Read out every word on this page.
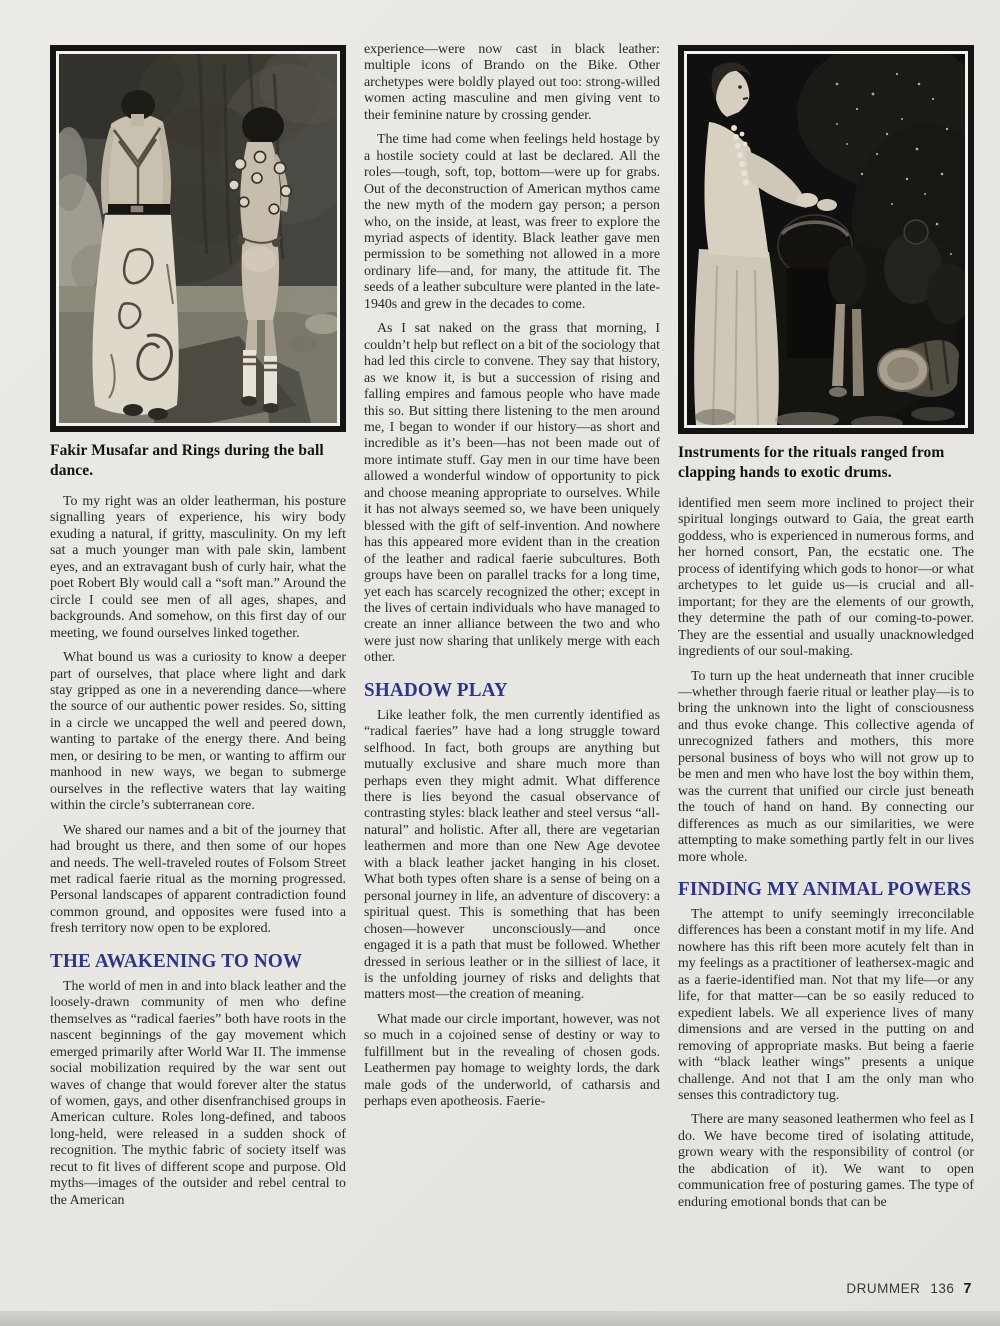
Fakir Musafar and Rings during the ball dance.

To my right was an older leatherman, his posture signalling years of experience, his wiry body exuding a natural, if gritty, masculinity. On my left sat a much younger man with pale skin, lambent eyes, and an extravagant bush of curly hair, what the poet Robert Bly would call a “soft man.” Around the circle I could see men of all ages, shapes, and backgrounds. And somehow, on this first day of our meeting, we found ourselves linked together.

What bound us was a curiosity to know a deeper part of ourselves, that place where light and dark stay gripped as one in a neverending dance—where the source of our authentic power resides. So, sitting in a circle we uncapped the well and peered down, wanting to partake of the energy there. And being men, or desiring to be men, or wanting to affirm our manhood in new ways, we began to submerge ourselves in the reflective waters that lay waiting within the circle’s subterranean core.

We shared our names and a bit of the journey that had brought us there, and then some of our hopes and needs. The well-traveled routes of Folsom Street met radical faerie ritual as the morning progressed. Personal landscapes of apparent contradiction found common ground, and opposites were fused into a fresh territory now open to be explored.

THE AWAKENING TO NOW

The world of men in and into black leather and the loosely-drawn community of men who define themselves as “radical faeries” both have roots in the nascent beginnings of the gay movement which emerged primarily after World War II. The immense social mobilization required by the war sent out waves of change that would forever alter the status of women, gays, and other disenfranchised groups in American culture. Roles long-defined, and taboos long-held, were released in a sudden shock of recognition. The mythic fabric of society itself was recut to fit lives of different scope and purpose. Old myths—images of the outsider and rebel central to the American

experience—were now cast in black leather: multiple icons of Brando on the Bike. Other archetypes were boldly played out too: strong-willed women acting masculine and men giving vent to their feminine nature by crossing gender.

The time had come when feelings held hostage by a hostile society could at last be declared. All the roles—tough, soft, top, bottom—were up for grabs. Out of the deconstruction of American mythos came the new myth of the modern gay person; a person who, on the inside, at least, was freer to explore the myriad aspects of identity. Black leather gave men permission to be something not allowed in a more ordinary life—and, for many, the attitude fit. The seeds of a leather subculture were planted in the late-1940s and grew in the decades to come.

As I sat naked on the grass that morning, I couldn’t help but reflect on a bit of the sociology that had led this circle to convene. They say that history, as we know it, is but a succession of rising and falling empires and famous people who have made this so. But sitting there listening to the men around me, I began to wonder if our history—as short and incredible as it’s been—has not been made out of more intimate stuff. Gay men in our time have been allowed a wonderful window of opportunity to pick and choose meaning appropriate to ourselves. While it has not always seemed so, we have been uniquely blessed with the gift of self-invention. And nowhere has this appeared more evident than in the creation of the leather and radical faerie subcultures. Both groups have been on parallel tracks for a long time, yet each has scarcely recognized the other; except in the lives of certain individuals who have managed to create an inner alliance between the two and who were just now sharing that unlikely merge with each other.

SHADOW PLAY

Like leather folk, the men currently identified as “radical faeries” have had a long struggle toward selfhood. In fact, both groups are anything but mutually exclusive and share much more than perhaps even they might admit. What difference there is lies beyond the casual observance of contrasting styles: black leather and steel versus “all-natural” and holistic. After all, there are vegetarian leathermen and more than one New Age devotee with a black leather jacket hanging in his closet. What both types often share is a sense of being on a personal journey in life, an adventure of discovery: a spiritual quest. This is something that has been chosen—however unconsciously—and once engaged it is a path that must be followed. Whether dressed in serious leather or in the silliest of lace, it is the unfolding journey of risks and delights that matters most—the creation of meaning.

What made our circle important, however, was not so much in a cojoined sense of destiny or way to fulfillment but in the revealing of chosen gods. Leathermen pay homage to weighty lords, the dark male gods of the underworld, of catharsis and perhaps even apotheosis. Faerie-

Instruments for the rituals ranged from clapping hands to exotic drums.

identified men seem more inclined to project their spiritual longings outward to Gaia, the great earth goddess, who is experienced in numerous forms, and her horned consort, Pan, the ecstatic one. The process of identifying which gods to honor—or what archetypes to let guide us—is crucial and all-important; for they are the elements of our growth, they determine the path of our coming-to-power. They are the essential and usually unacknowledged ingredients of our soul-making.

To turn up the heat underneath that inner crucible—whether through faerie ritual or leather play—is to bring the unknown into the light of consciousness and thus evoke change. This collective agenda of unrecognized fathers and mothers, this more personal business of boys who will not grow up to be men and men who have lost the boy within them, was the current that unified our circle just beneath the touch of hand on hand. By connecting our differences as much as our similarities, we were attempting to make something partly felt in our lives more whole.

FINDING MY ANIMAL POWERS

The attempt to unify seemingly irreconcilable differences has been a constant motif in my life. And nowhere has this rift been more acutely felt than in my feelings as a practitioner of leathersex-magic and as a faerie-identified man. Not that my life—or any life, for that matter—can be so easily reduced to expedient labels. We all experience lives of many dimensions and are versed in the putting on and removing of appropriate masks. But being a faerie with “black leather wings” presents a unique challenge. And not that I am the only man who senses this contradictory tug.

There are many seasoned leathermen who feel as I do. We have become tired of isolating attitude, grown weary with the responsibility of control (or the abdication of it). We want to open communication free of posturing games. The type of enduring emotional bonds that can be

DRUMMER 136 7
